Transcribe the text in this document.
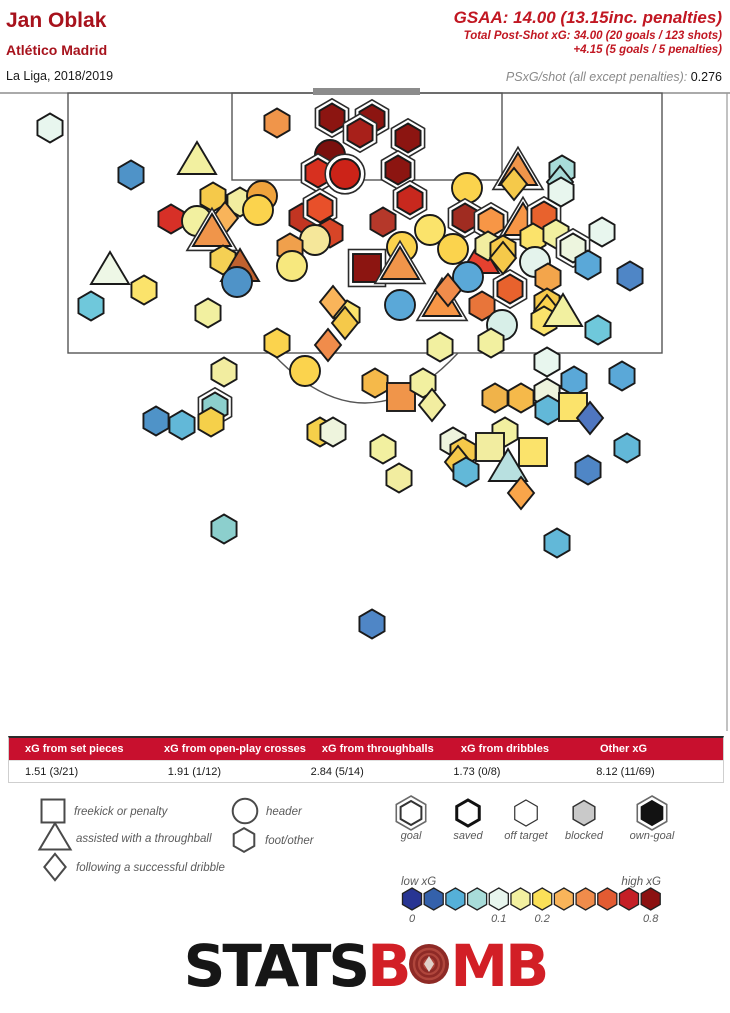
Jan Oblak
Atlético Madrid
La Liga, 2018/2019
GSAA: 14.00 (13.15inc. penalties)
Total Post-Shot xG: 34.00 (20 goals / 123 shots)
+4.15 (5 goals / 5 penalties)
PSxG/shot (all except penalties): 0.276
xG from set pieces	xG from open-play crosses	xG from throughballs	xG from dribbles	Other xG
1.51 (3/21)	1.91 (1/12)	2.84 (5/14)	1.73 (0/8)	8.12 (11/69)
freekick or penalty
assisted with a throughball
following a successful dribble
header
foot/other	goal	saved off target blocked own-goal
low xG	high xG
0	0.1	0.2	0.8
STATSB MB
